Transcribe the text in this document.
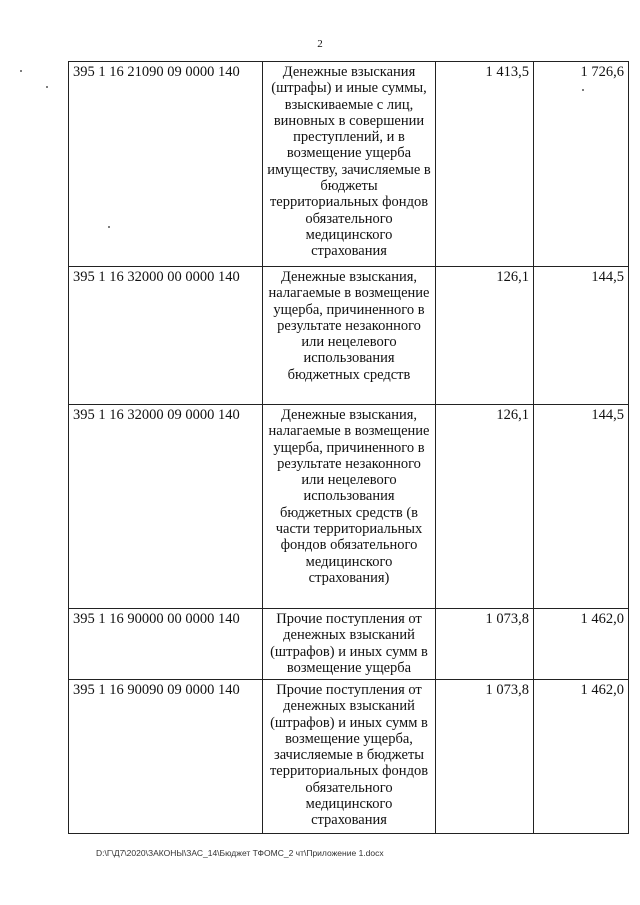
2
395 1 16 21090 09 0000 140	Денежные взыскания (штрафы) и иные суммы, взыскиваемые с лиц, виновных в совершении преступлений, и в возмещение ущерба имуществу, зачисляемые в бюджеты территориальных фондов обязательного медицинского страхования	1 413,5	1 726,6
395 1 16 32000 00 0000 140	Денежные взыскания, налагаемые в возмещение ущерба, причиненного в результате незаконного или нецелевого использования бюджетных средств	126,1	144,5
395 1 16 32000 09 0000 140	Денежные взыскания, налагаемые в возмещение ущерба, причиненного в результате незаконного или нецелевого использования бюджетных средств (в части территориальных фондов обязательного медицинского страхования)	126,1	144,5
395 1 16 90000 00 0000 140	Прочие поступления от денежных взысканий (штрафов) и иных сумм в возмещение ущерба	1 073,8	1 462,0
395 1 16 90090 09 0000 140	Прочие поступления от денежных взысканий (штрафов) и иных сумм в возмещение ущерба, зачисляемые в бюджеты территориальных фондов обязательного медицинского страхования	1 073,8	1 462,0
D:\Г\Д7\2020\ЗАКОНЫ\ЗАС_14\Бюджет ТФОМС_2 чт\Приложение 1.docx
